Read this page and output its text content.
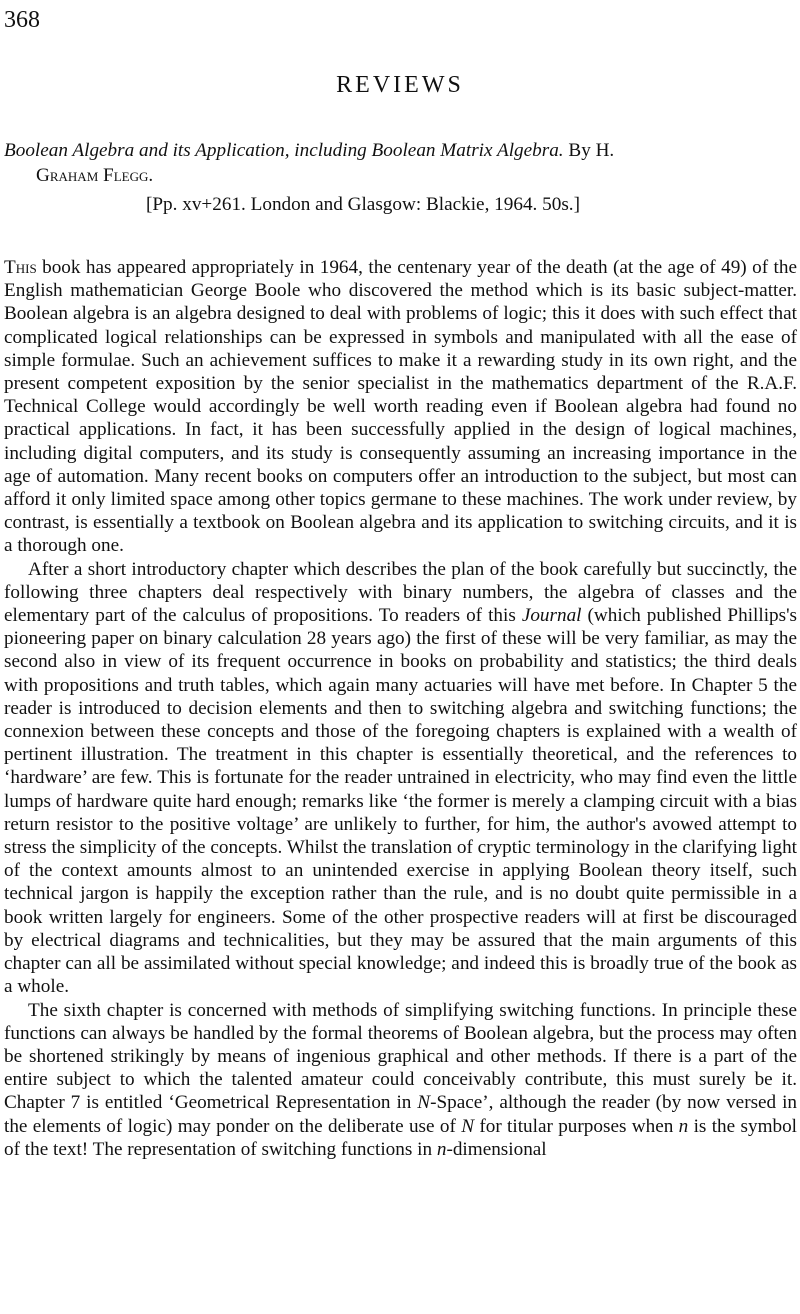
368
REVIEWS
Boolean Algebra and its Application, including Boolean Matrix Algebra. By H.
Graham Flegg.
[Pp. xv+261. London and Glasgow: Blackie, 1964. 50s.]

This book has appeared appropriately in 1964, the centenary year of the death (at the age of 49) of the English mathematician George Boole who discovered the method which is its basic subject-matter. Boolean algebra is an algebra designed to deal with problems of logic; this it does with such effect that complicated logical relationships can be expressed in symbols and manipulated with all the ease of simple formulae. Such an achievement suffices to make it a rewarding study in its own right, and the present competent exposition by the senior specialist in the mathematics department of the R.A.F. Technical College would accordingly be well worth reading even if Boolean algebra had found no practical applications. In fact, it has been successfully applied in the design of logical machines, including digital computers, and its study is consequently assuming an increasing importance in the age of automation. Many recent books on computers offer an introduction to the subject, but most can afford it only limited space among other topics germane to these machines. The work under review, by contrast, is essentially a textbook on Boolean algebra and its application to switching circuits, and it is a thorough one.

After a short introductory chapter which describes the plan of the book carefully but succinctly, the following three chapters deal respectively with binary numbers, the algebra of classes and the elementary part of the calculus of propositions. To readers of this Journal (which published Phillips's pioneering paper on binary calculation 28 years ago) the first of these will be very familiar, as may the second also in view of its frequent occurrence in books on probability and statistics; the third deals with propositions and truth tables, which again many actuaries will have met before. In Chapter 5 the reader is introduced to decision elements and then to switching algebra and switching functions; the connexion between these concepts and those of the foregoing chapters is explained with a wealth of pertinent illustration. The treatment in this chapter is essentially theoretical, and the references to ‘hardware’ are few. This is fortunate for the reader untrained in electricity, who may find even the little lumps of hardware quite hard enough; remarks like ‘the former is merely a clamping circuit with a bias return resistor to the positive voltage’ are unlikely to further, for him, the author's avowed attempt to stress the simplicity of the concepts. Whilst the translation of cryptic terminology in the clarifying light of the context amounts almost to an unintended exercise in applying Boolean theory itself, such technical jargon is happily the exception rather than the rule, and is no doubt quite permissible in a book written largely for engineers. Some of the other prospective readers will at first be discouraged by electrical diagrams and technicalities, but they may be assured that the main arguments of this chapter can all be assimilated without special knowledge; and indeed this is broadly true of the book as a whole.

The sixth chapter is concerned with methods of simplifying switching functions. In principle these functions can always be handled by the formal theorems of Boolean algebra, but the process may often be shortened strikingly by means of ingenious graphical and other methods. If there is a part of the entire subject to which the talented amateur could conceivably contribute, this must surely be it. Chapter 7 is entitled ‘Geometrical Representation in N-Space’, although the reader (by now versed in the elements of logic) may ponder on the deliberate use of N for titular purposes when n is the symbol of the text! The representation of switching functions in n-dimensional
